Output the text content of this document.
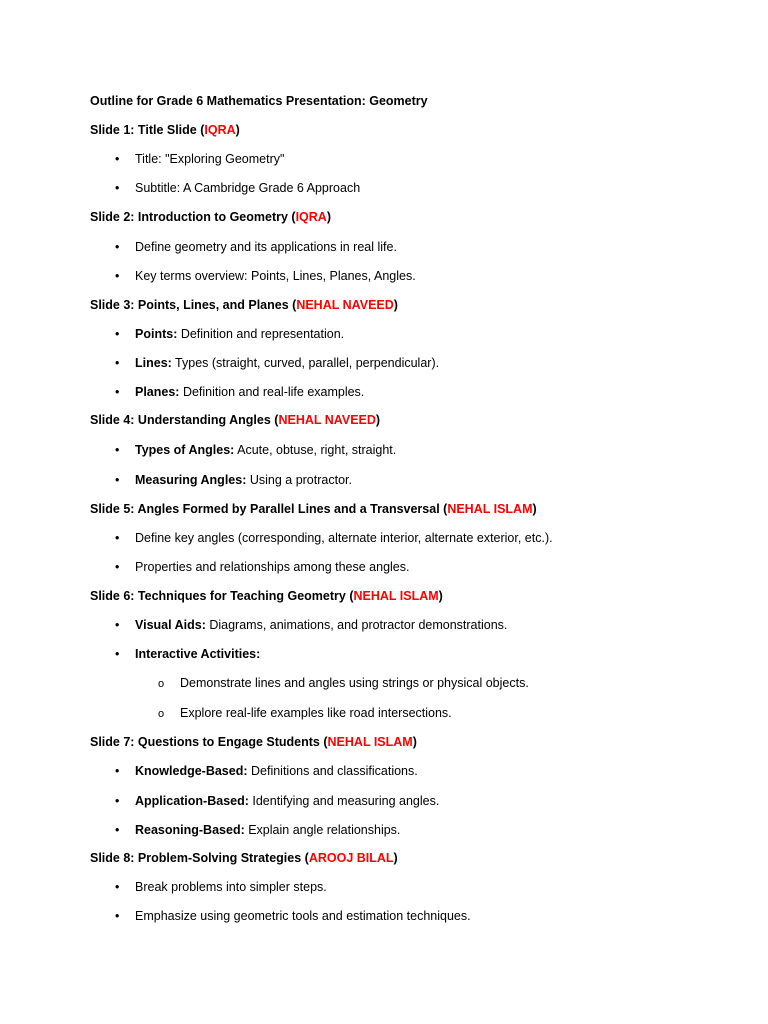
Outline for Grade 6 Mathematics Presentation: Geometry
Slide 1: Title Slide (IQRA)
• Title: "Exploring Geometry"
• Subtitle: A Cambridge Grade 6 Approach
Slide 2: Introduction to Geometry (IQRA)
• Define geometry and its applications in real life.
• Key terms overview: Points, Lines, Planes, Angles.
Slide 3: Points, Lines, and Planes (NEHAL NAVEED)
• Points: Definition and representation.
• Lines: Types (straight, curved, parallel, perpendicular).
• Planes: Definition and real-life examples.
Slide 4: Understanding Angles (NEHAL NAVEED)
• Types of Angles: Acute, obtuse, right, straight.
• Measuring Angles: Using a protractor.
Slide 5: Angles Formed by Parallel Lines and a Transversal (NEHAL ISLAM)
• Define key angles (corresponding, alternate interior, alternate exterior, etc.).
• Properties and relationships among these angles.
Slide 6: Techniques for Teaching Geometry (NEHAL ISLAM)
• Visual Aids: Diagrams, animations, and protractor demonstrations.
• Interactive Activities:
o Demonstrate lines and angles using strings or physical objects.
o Explore real-life examples like road intersections.
Slide 7: Questions to Engage Students (NEHAL ISLAM)
• Knowledge-Based: Definitions and classifications.
• Application-Based: Identifying and measuring angles.
• Reasoning-Based: Explain angle relationships.
Slide 8: Problem-Solving Strategies (AROOJ BILAL)
• Break problems into simpler steps.
• Emphasize using geometric tools and estimation techniques.
